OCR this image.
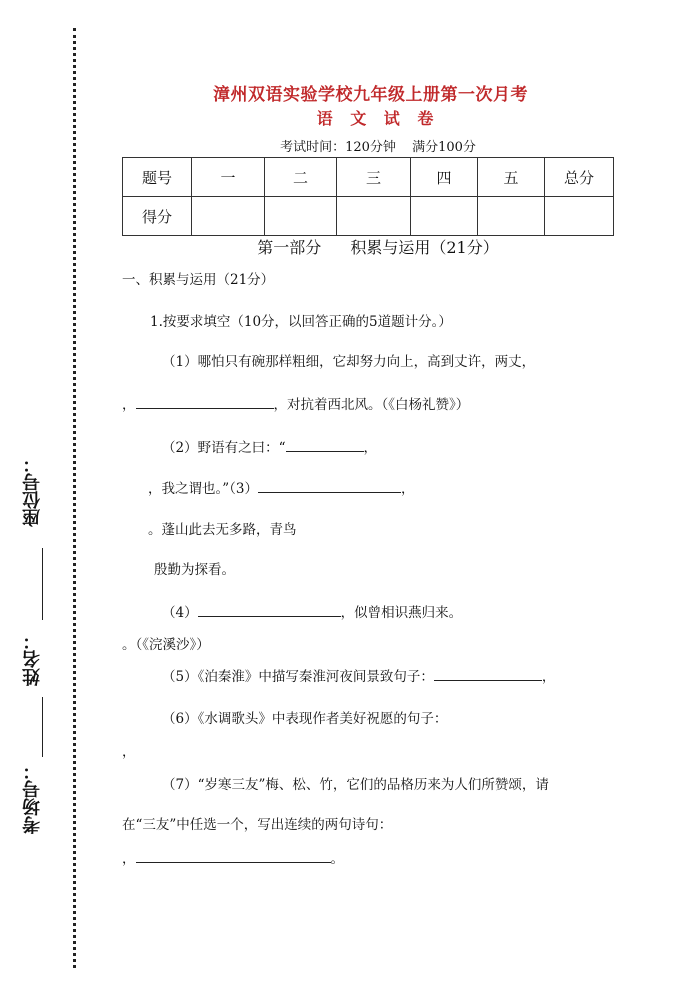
座位号：
姓名：
考场号：
漳州双语实验学校九年级上册第一次月考
语 文 试 卷
考试时间：120分钟 满分100分
题号	一	二	三	四	五	总分
得分						
第一部分 积累与运用（21分）
一、积累与运用（21分）
1.按要求填空（10分，以回答正确的5道题计分。）
（1）哪怕只有碗那样粗细，它却努力向上，高到丈许，两丈，
，	，对抗着西北风。（《白杨礼赞》）
（2）野语有之曰：“	，
，我之谓也。”（3）	，
。蓬山此去无多路，青鸟
殷勤为探看。
（4）	，似曾相识燕归来。
。（《浣溪沙》）
（5）《泊秦淮》中描写秦淮河夜间景致句子：	，
（6）《水调歌头》中表现作者美好祝愿的句子：
，
（7）“岁寒三友”梅、松、竹，它们的品格历来为人们所赞颂，请
在“三友”中任选一个，写出连续的两句诗句：
，	。
